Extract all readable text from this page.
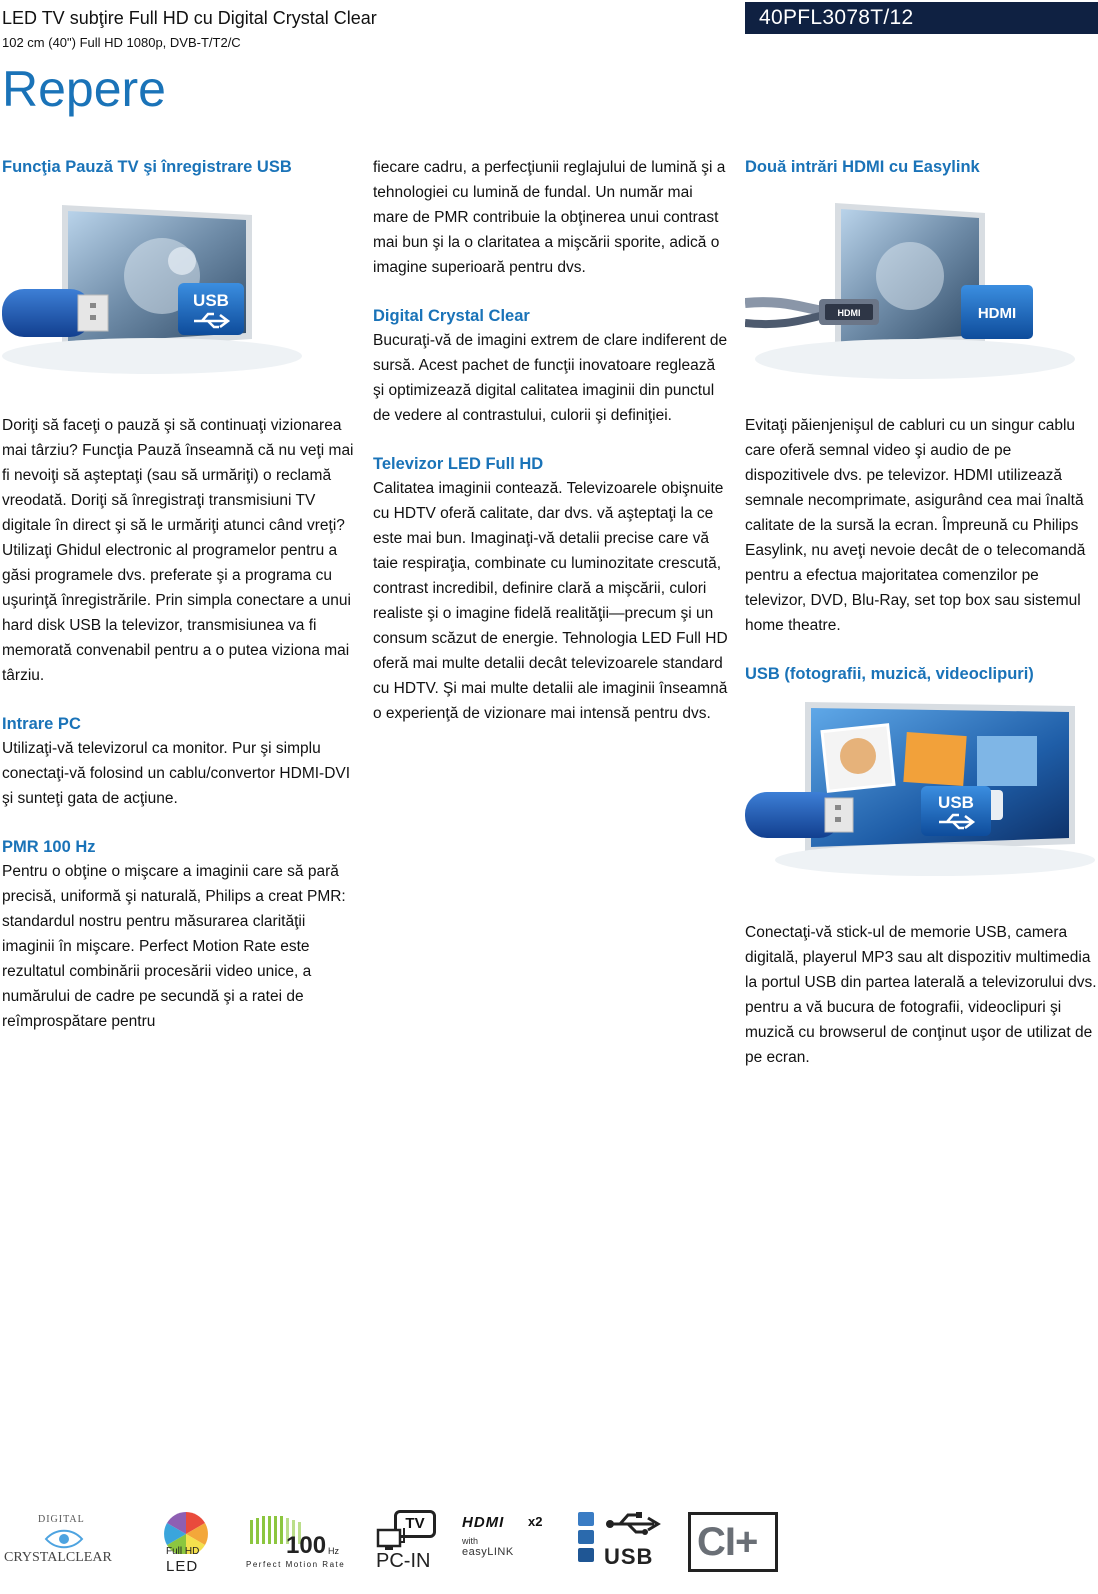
LED TV subţire Full HD cu Digital Crystal Clear
102 cm (40") Full HD 1080p, DVB-T/T2/C
40PFL3078T/12
Repere
Funcţia Pauză TV şi înregistrare USB
USB

Doriţi să faceţi o pauză şi să continuaţi vizionarea mai târziu? Funcţia Pauză înseamnă că nu veţi mai fi nevoiţi să aşteptaţi (sau să urmăriţi) o reclamă vreodată. Doriţi să înregistraţi transmisiuni TV digitale în direct şi să le urmăriţi atunci când vreţi? Utilizaţi Ghidul electronic al programelor pentru a găsi programele dvs. preferate şi a programa cu uşurinţă înregistrările. Prin simpla conectare a unui hard disk USB la televizor, transmisiunea va fi memorată convenabil pentru a o putea viziona mai târziu.

Intrare PC

Utilizaţi-vă televizorul ca monitor. Pur şi simplu conectaţi-vă folosind un cablu/convertor HDMI-DVI şi sunteţi gata de acţiune.

PMR 100 Hz

Pentru o obţine o mişcare a imaginii care să pară precisă, uniformă şi naturală, Philips a creat PMR: standardul nostru pentru măsurarea clarităţii imaginii în mişcare. Perfect Motion Rate este rezultatul combinării procesării video unice, a numărului de cadre pe secundă şi a ratei de reîmprospătare pentru

fiecare cadru, a perfecţiunii reglajului de lumină şi a tehnologiei cu lumină de fundal. Un număr mai mare de PMR contribuie la obţinerea unui contrast mai bun şi la o claritatea a mişcării sporite, adică o imagine superioară pentru dvs.

Digital Crystal Clear

Bucuraţi-vă de imagini extrem de clare indiferent de sursă. Acest pachet de funcţii inovatoare reglează şi optimizează digital calitatea imaginii din punctul de vedere al contrastului, culorii şi definiţiei.

Televizor LED Full HD

Calitatea imaginii contează. Televizoarele obişnuite cu HDTV oferă calitate, dar dvs. vă aşteptaţi la ce este mai bun. Imaginaţi-vă detalii precise care vă taie respiraţia, combinate cu luminozitate crescută, contrast incredibil, definire clară a mişcării, culori realiste şi o imagine fidelă realităţii—precum şi un consum scăzut de energie. Tehnologia LED Full HD oferă mai multe detalii decât televizoarele standard cu HDTV. Şi mai multe detalii ale imaginii înseamnă o experienţă de vizionare mai intensă pentru dvs.

Două intrări HDMI cu Easylink
HDMI	HDMI

Evitaţi păienjenişul de cabluri cu un singur cablu care oferă semnal video şi audio de pe dispozitivele dvs. pe televizor. HDMI utilizează semnale necomprimate, asigurând cea mai înaltă calitate de la sursă la ecran. Împreună cu Philips Easylink, nu aveţi nevoie decât de o telecomandă pentru a efectua majoritatea comenzilor pe televizor, DVD, Blu-Ray, set top box sau sistemul home theatre.

USB (fotografii, muzică, videoclipuri)
USB

Conectaţi-vă stick-ul de memorie USB, camera digitală, playerul MP3 sau alt dispozitiv multimedia la portul USB din partea laterală a televizorului dvs. pentru a vă bucura de fotografii, videoclipuri şi muzică cu browserul de conţinut uşor de utilizat de pe ecran.

DIGITAL
CRYSTALCLEAR	Full HD
LED
100 Hz
Perfect Motion Rate
TV
PC-IN
HDMI x2
with
easyLINK	USB CI+
